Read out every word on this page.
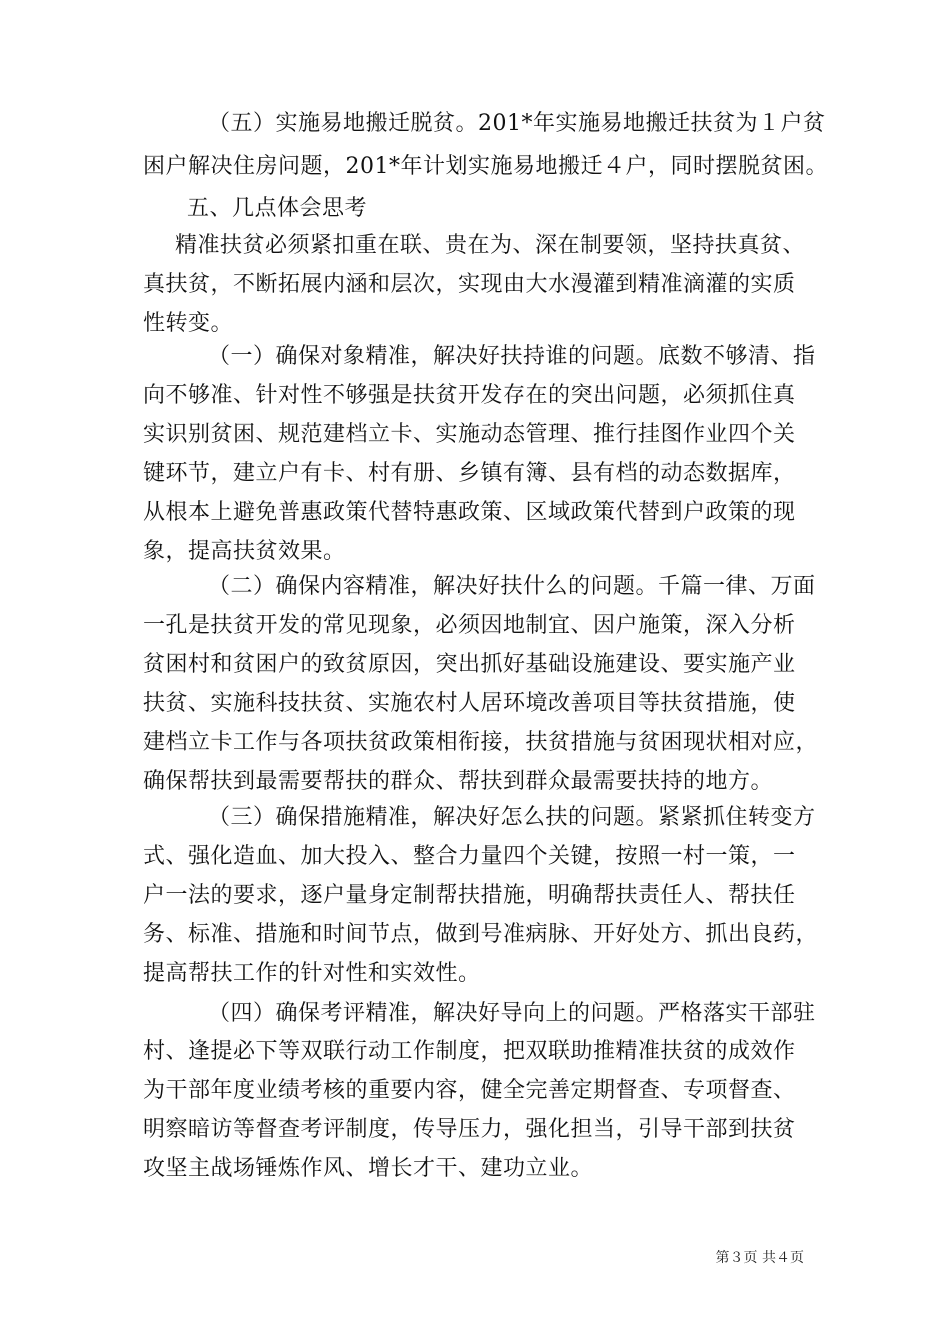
（五）实施易地搬迁脱贫。201*年实施易地搬迁扶贫为１户贫
困户解决住房问题，201*年计划实施易地搬迁４户，同时摆脱贫困。
五、几点体会思考
精准扶贫必须紧扣重在联、贵在为、深在制要领，坚持扶真贫、
真扶贫，不断拓展内涵和层次，实现由大水漫灌到精准滴灌的实质
性转变。
（一）确保对象精准，解决好扶持谁的问题。底数不够清、指
向不够准、针对性不够强是扶贫开发存在的突出问题，必须抓住真
实识别贫困、规范建档立卡、实施动态管理、推行挂图作业四个关
键环节，建立户有卡、村有册、乡镇有簿、县有档的动态数据库，
从根本上避免普惠政策代替特惠政策、区域政策代替到户政策的现
象，提高扶贫效果。
（二）确保内容精准，解决好扶什么的问题。千篇一律、万面
一孔是扶贫开发的常见现象，必须因地制宜、因户施策，深入分析
贫困村和贫困户的致贫原因，突出抓好基础设施建设、要实施产业
扶贫、实施科技扶贫、实施农村人居环境改善项目等扶贫措施，使
建档立卡工作与各项扶贫政策相衔接，扶贫措施与贫困现状相对应，
确保帮扶到最需要帮扶的群众、帮扶到群众最需要扶持的地方。
（三）确保措施精准，解决好怎么扶的问题。紧紧抓住转变方
式、强化造血、加大投入、整合力量四个关键，按照一村一策，一
户一法的要求，逐户量身定制帮扶措施，明确帮扶责任人、帮扶任
务、标准、措施和时间节点，做到号准病脉、开好处方、抓出良药，
提高帮扶工作的针对性和实效性。
（四）确保考评精准，解决好导向上的问题。严格落实干部驻
村、逢提必下等双联行动工作制度，把双联助推精准扶贫的成效作
为干部年度业绩考核的重要内容，健全完善定期督查、专项督查、
明察暗访等督查考评制度，传导压力，强化担当，引导干部到扶贫
攻坚主战场锤炼作风、增长才干、建功立业。
第３页 共４页
